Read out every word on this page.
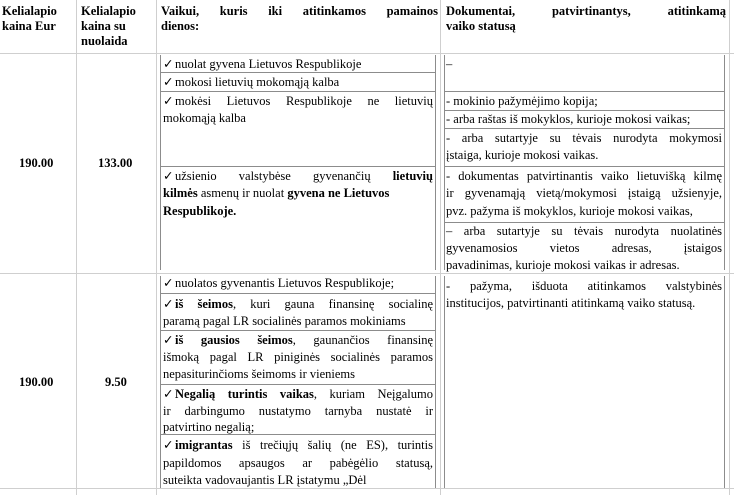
Kelialapio
kaina Eur
Kelialapio
kaina su
nuolaida
Vaikui, kuris iki atitinkamos pamainos
dienos:
Dokumentai, patvirtinantys, atitinkamą
vaiko statusą
190.00	133.00
✓ nuolat gyvena Lietuvos Respublikoje
✓ mokosi lietuvių mokomąją kalba
–
✓ mokėsi Lietuvos Respublikoje ne lietuvių
mokomąją kalba
- mokinio pažymėjimo kopija;
- arba raštas iš mokyklos, kurioje mokosi vaikas;
- arba sutartyje su tėvais nurodyta mokymosi
įstaiga, kurioje mokosi vaikas.
✓ užsienio valstybėse gyvenančių lietuvių
kilmės asmenų ir nuolat gyvena ne Lietuvos
Respublikoje.
- dokumentas patvirtinantis vaiko lietuvišką kilmę
ir gyvenamąją vietą/mokymosi įstaigą užsienyje,
pvz. pažyma iš mokyklos, kurioje mokosi vaikas,
– arba sutartyje su tėvais nurodyta nuolatinės
gyvenamosios vietos adresas, įstaigos
pavadinimas, kurioje mokosi vaikas ir adresas.
190.00	9.50
✓ nuolatos gyvenantis Lietuvos Respublikoje;
✓ iš šeimos, kuri gauna finansinę socialinę
paramą pagal LR socialinės paramos mokiniams
✓ iš gausios šeimos, gaunančios finansinę
išmoką pagal LR piniginės socialinės paramos
nepasiturinčioms šeimoms ir vieniems
✓ Negalią turintis vaikas, kuriam Neįgalumo
ir darbingumo nustatymo tarnyba nustatė ir
patvirtino negalią;
✓ imigrantas iš trečiųjų šalių (ne ES), turintis
papildomos apsaugos ar pabėgėlio statusą,
suteikta vadovaujantis LR įstatymu „Dėl
- pažyma, išduota atitinkamos valstybinės
institucijos, patvirtinanti atitinkamą vaiko statusą.
